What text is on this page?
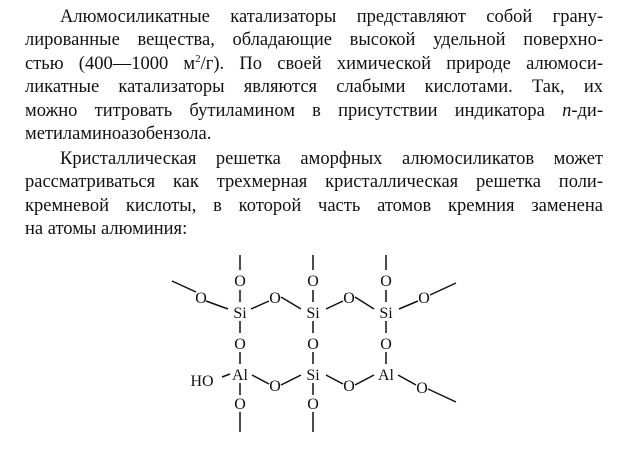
Алюмосиликатные катализаторы представляют собой грану-
лированные вещества, обладающие высокой удельной поверхно-
стью (400—1000 $м^2/г$). По своей химической природе алюмоси-
ликатные катализаторы являются слабыми кислотами. Так, их
можно титровать бутиламином в присутствии индикатора n-ди-
метиламиноазобензола.
Кристаллическая решетка аморфных алюмосиликатов может
рассматриваться как трехмерная кристаллическая решетка поли-
кремневой кислоты, в которой часть атомов кремния заменена
на атомы алюминия:
O	O	O
O	O	O	O
Si	Si	Si
O	O	O
HO Al	Si	Al
O	O	O
O	O
